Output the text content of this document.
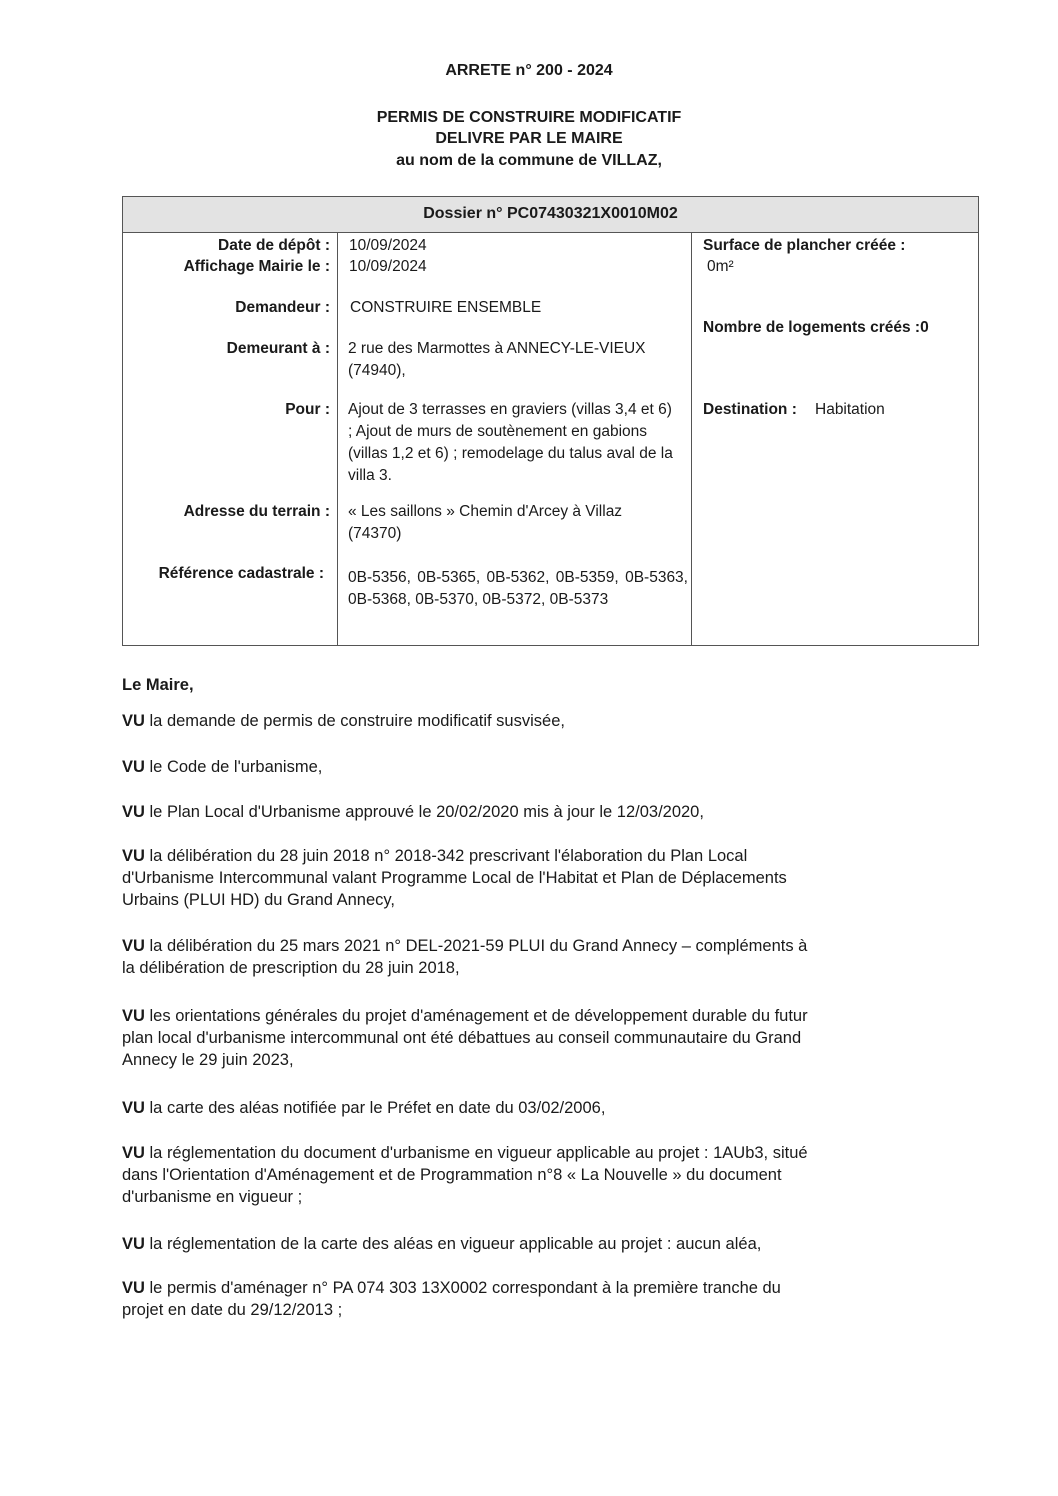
ARRETE n° 200 - 2024
PERMIS DE CONSTRUIRE MODIFICATIF
DELIVRE PAR LE MAIRE
au nom de la commune de VILLAZ,
Dossier n° PC07430321X0010M02
Date de dépôt :
Affichage Mairie le :
Demandeur :
Demeurant à :
Pour :
Adresse du terrain :
Référence cadastrale :
10/09/2024
10/09/2024
CONSTRUIRE ENSEMBLE
2 rue des Marmottes à ANNECY-LE-VIEUX (74940),
Ajout de 3 terrasses en graviers (villas 3,4 et 6) ; Ajout de murs de soutènement en gabions (villas 1,2 et 6) ; remodelage du talus aval de la villa 3.
« Les saillons » Chemin d'Arcey à Villaz (74370)
0B-5356, 0B-5365, 0B-5362, 0B-5359, 0B-5363, 0B-5368, 0B-5370, 0B-5372, 0B-5373
Surface de plancher créée :
0m²
Nombre de logements créés :0
Destination : Habitation
Le Maire,
VU la demande de permis de construire modificatif susvisée,
VU le Code de l'urbanisme,
VU le Plan Local d'Urbanisme approuvé le 20/02/2020 mis à jour le 12/03/2020,
VU la délibération du 28 juin 2018 n° 2018-342 prescrivant l'élaboration du Plan Local
d'Urbanisme Intercommunal valant Programme Local de l'Habitat et Plan de Déplacements
Urbains (PLUI HD) du Grand Annecy,
VU la délibération du 25 mars 2021 n° DEL-2021-59 PLUI du Grand Annecy – compléments à
la délibération de prescription du 28 juin 2018,
VU les orientations générales du projet d'aménagement et de développement durable du futur
plan local d'urbanisme intercommunal ont été débattues au conseil communautaire du Grand
Annecy le 29 juin 2023,
VU la carte des aléas notifiée par le Préfet en date du 03/02/2006,
VU la réglementation du document d'urbanisme en vigueur applicable au projet : 1AUb3, situé
dans l'Orientation d'Aménagement et de Programmation n°8 « La Nouvelle » du document
d'urbanisme en vigueur ;
VU la réglementation de la carte des aléas en vigueur applicable au projet : aucun aléa,
VU le permis d'aménager n° PA 074 303 13X0002 correspondant à la première tranche du
projet en date du 29/12/2013 ;
